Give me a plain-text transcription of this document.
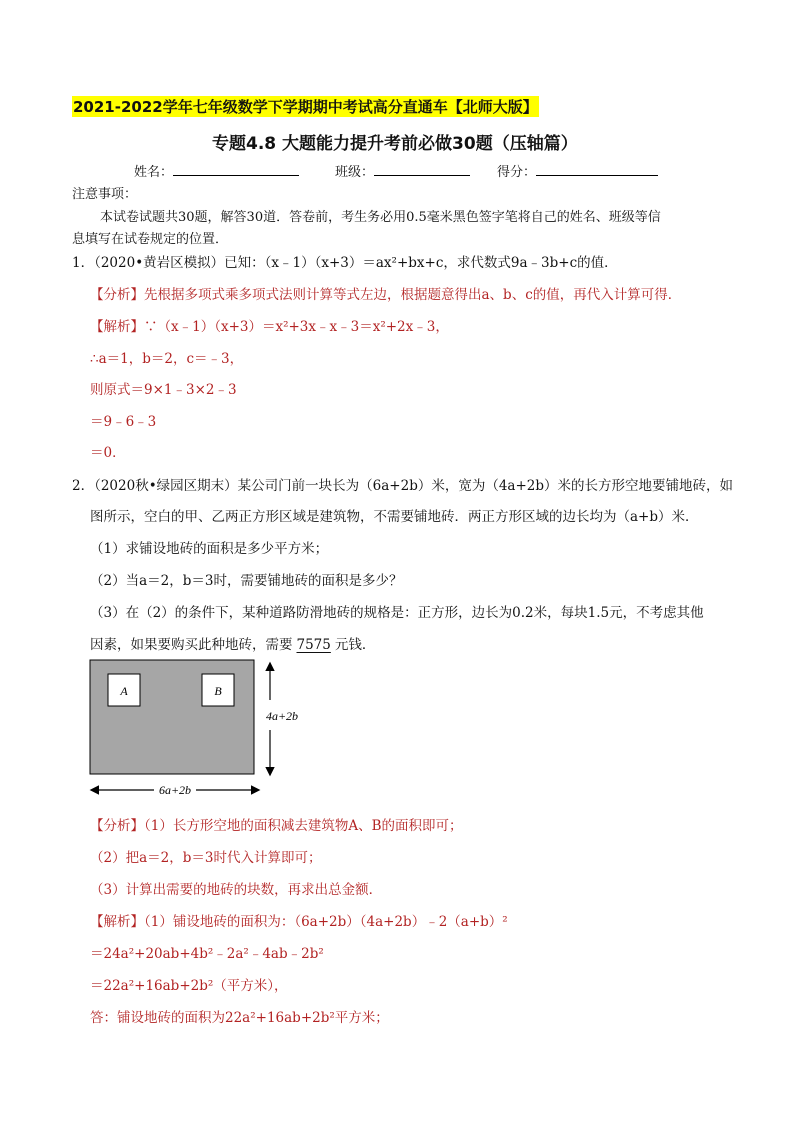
2021-2022学年七年级数学下学期期中考试高分直通车【北师大版】
专题4.8 大题能力提升考前必做30题（压轴篇）
姓名：	班级：	得分：
注意事项：
本试卷试题共30题，解答30道．答卷前，考生务必用0.5毫米黑色签字笔将自己的姓名、班级等信
息填写在试卷规定的位置．
1．（2020•黄岩区模拟）已知：（x﹣1）（x+3）＝ax²+bx+c，求代数式9a﹣3b+c的值．
【分析】先根据多项式乘多项式法则计算等式左边，根据题意得出a、b、c的值，再代入计算可得．
【解析】∵（x﹣1）（x+3）＝x²+3x﹣x﹣3＝x²+2x﹣3，
∴a＝1，b＝2，c＝﹣3，
则原式＝9×1﹣3×2﹣3
＝9﹣6﹣3
＝0．
2．（2020秋•绿园区期末）某公司门前一块长为（6a+2b）米，宽为（4a+2b）米的长方形空地要铺地砖，如
图所示，空白的甲、乙两正方形区域是建筑物，不需要铺地砖．两正方形区域的边长均为（a+b）米．
（1）求铺设地砖的面积是多少平方米；
（2）当a＝2，b＝3时，需要铺地砖的面积是多少？
（3）在（2）的条件下，某种道路防滑地砖的规格是：正方形，边长为0.2米，每块1.5元，不考虑其他
因素，如果要购买此种地砖，需要 7575 元钱．
A	B
4a+2b
6a+2b
【分析】（1）长方形空地的面积减去建筑物A、B的面积即可；
（2）把a＝2，b＝3时代入计算即可；
（3）计算出需要的地砖的块数，再求出总金额．
【解析】（1）铺设地砖的面积为：（6a+2b）（4a+2b）﹣2（a+b）²
＝24a²+20ab+4b²﹣2a²﹣4ab﹣2b²
＝22a²+16ab+2b²（平方米），
答：铺设地砖的面积为22a²+16ab+2b²平方米；
